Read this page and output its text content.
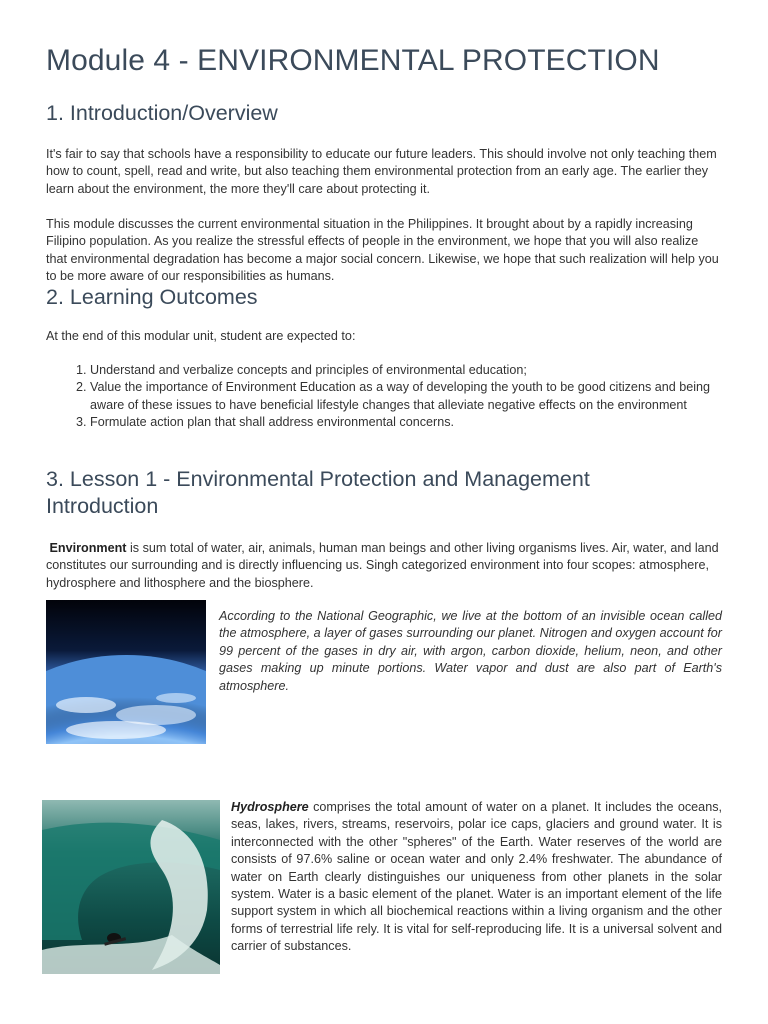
Module 4 - ENVIRONMENTAL PROTECTION
1. Introduction/Overview

It's fair to say that schools have a responsibility to educate our future leaders. This should involve not only teaching them how to count, spell, read and write, but also teaching them environmental protection from an early age. The earlier they learn about the environment, the more they'll care about protecting it.

This module discusses the current environmental situation in the Philippines. It brought about by a rapidly increasing Filipino population. As you realize the stressful effects of people in the environment, we hope that you will also realize that environmental degradation has become a major social concern. Likewise, we hope that such realization will help you to be more aware of our responsibilities as humans.

2. Learning Outcomes

At the end of this modular unit, student are expected to:

1. Understand and verbalize concepts and principles of environmental education;
2. Value the importance of Environment Education as a way of developing the youth to be good citizens and being aware of these issues to have beneficial lifestyle changes that alleviate negative effects on the environment
3. Formulate action plan that shall address environmental concerns.
3. Lesson 1 - Environmental Protection and Management Introduction

Environment is sum total of water, air, animals, human man beings and other living organisms lives. Air, water, and land constitutes our surrounding and is directly influencing us. Singh categorized environment into four scopes: atmosphere, hydrosphere and lithosphere and the biosphere.

According to the National Geographic, we live at the bottom of an invisible ocean called the atmosphere, a layer of gases surrounding our planet. Nitrogen and oxygen account for 99 percent of the gases in dry air, with argon, carbon dioxide, helium, neon, and other gases making up minute portions. Water vapor and dust are also part of Earth's atmosphere.

Hydrosphere comprises the total amount of water on a planet. It includes the oceans, seas, lakes, rivers, streams, reservoirs, polar ice caps, glaciers and ground water. It is interconnected with the other "spheres" of the Earth. Water reserves of the world are consists of 97.6% saline or ocean water and only 2.4% freshwater. The abundance of water on Earth clearly distinguishes our uniqueness from other planets in the solar system. Water is a basic element of the planet. Water is an important element of the life support system in which all biochemical reactions within a living organism and the other forms of terrestrial life rely. It is vital for self-reproducing life. It is a universal solvent and carrier of substances.
